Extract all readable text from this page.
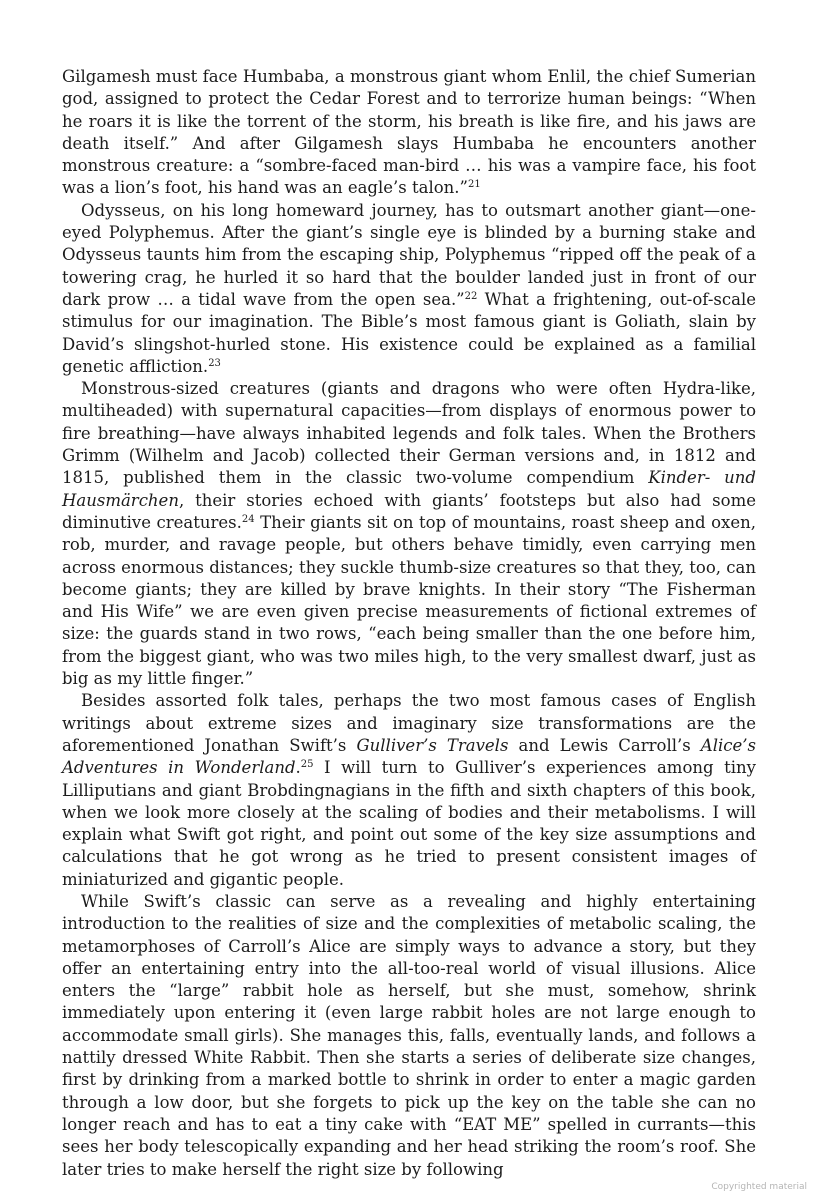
Gilgamesh must face Humbaba, a monstrous giant whom Enlil, the chief Sumerian god, assigned to protect the Cedar Forest and to terrorize human beings: “When he roars it is like the torrent of the storm, his breath is like fire, and his jaws are death itself.” And after Gilgamesh slays Humbaba he encounters another monstrous creature: a “sombre-faced man-bird … his was a vampire face, his foot was a lion’s foot, his hand was an eagle’s talon.”$^{21}$

Odysseus, on his long homeward journey, has to outsmart another giant—one-eyed Polyphemus. After the giant’s single eye is blinded by a burning stake and Odysseus taunts him from the escaping ship, Polyphemus “ripped off the peak of a towering crag, he hurled it so hard that the boulder landed just in front of our dark prow … a tidal wave from the open sea.”$^{22}$ What a frightening, out-of-scale stimulus for our imagination. The Bible’s most famous giant is Goliath, slain by David’s slingshot-hurled stone. His existence could be explained as a familial genetic affliction.$^{23}$

Monstrous-sized creatures (giants and dragons who were often Hydra-like, multiheaded) with supernatural capacities—from displays of enormous power to fire breathing—have always inhabited legends and folk tales. When the Brothers Grimm (Wilhelm and Jacob) collected their German versions and, in 1812 and 1815, published them in the classic two-volume compendium Kinder- und Hausmärchen, their stories echoed with giants’ footsteps but also had some diminutive creatures.$^{24}$ Their giants sit on top of mountains, roast sheep and oxen, rob, murder, and ravage people, but others behave timidly, even carrying men across enormous distances; they suckle thumb-size creatures so that they, too, can become giants; they are killed by brave knights. In their story “The Fisherman and His Wife” we are even given precise measurements of fictional extremes of size: the guards stand in two rows, “each being smaller than the one before him, from the biggest giant, who was two miles high, to the very smallest dwarf, just as big as my little finger.”

Besides assorted folk tales, perhaps the two most famous cases of English writings about extreme sizes and imaginary size transformations are the aforementioned Jonathan Swift’s Gulliver’s Travels and Lewis Carroll’s Alice’s Adventures in Wonderland.$^{25}$ I will turn to Gulliver’s experiences among tiny Lilliputians and giant Brobdingnagians in the fifth and sixth chapters of this book, when we look more closely at the scaling of bodies and their metabolisms. I will explain what Swift got right, and point out some of the key size assumptions and calculations that he got wrong as he tried to present consistent images of miniaturized and gigantic people.

While Swift’s classic can serve as a revealing and highly entertaining introduction to the realities of size and the complexities of metabolic scaling, the metamorphoses of Carroll’s Alice are simply ways to advance a story, but they offer an entertaining entry into the all-too-real world of visual illusions. Alice enters the “large” rabbit hole as herself, but she must, somehow, shrink immediately upon entering it (even large rabbit holes are not large enough to accommodate small girls). She manages this, falls, eventually lands, and follows a nattily dressed White Rabbit. Then she starts a series of deliberate size changes, first by drinking from a marked bottle to shrink in order to enter a magic garden through a low door, but she forgets to pick up the key on the table she can no longer reach and has to eat a tiny cake with “EAT ME” spelled in currants—this sees her body telescopically expanding and her head striking the room’s roof. She later tries to make herself the right size by following

Copyrighted material
